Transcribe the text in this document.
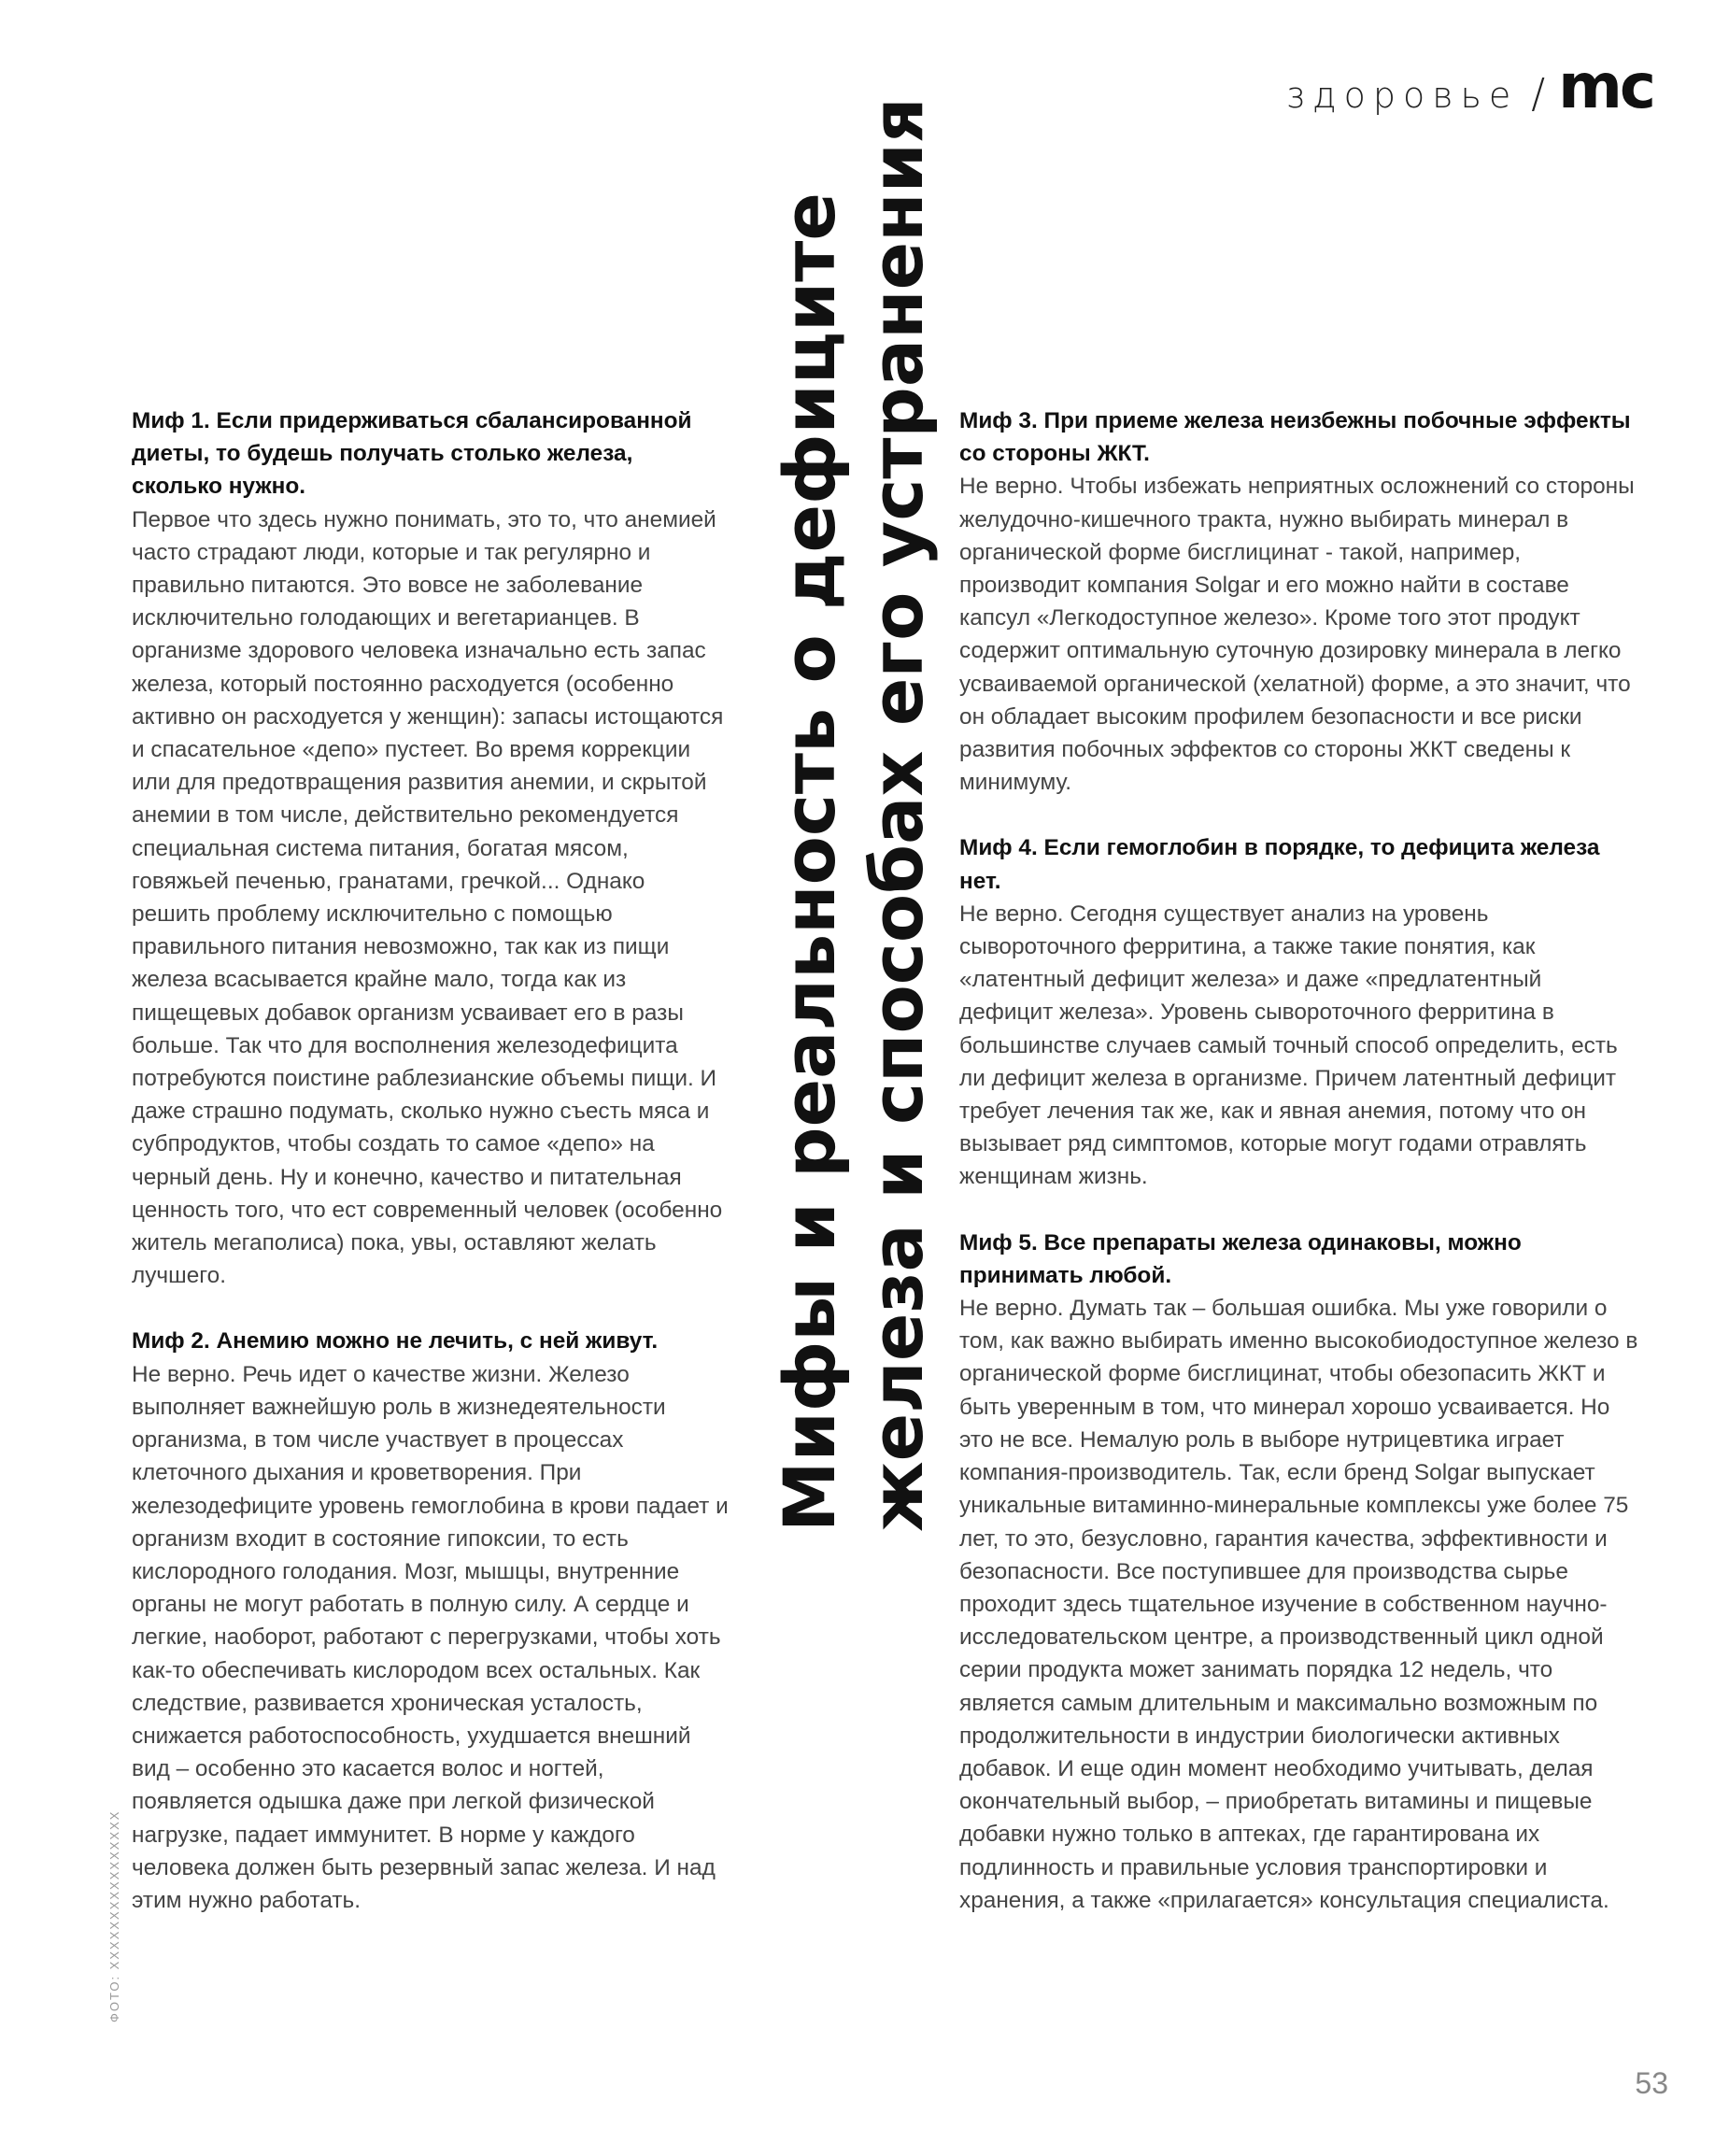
здоровье / mc
Мифы и реальность о дефиците
железа и способах его устранения
Миф 1. Если придерживаться сбалансированной диеты, то будешь получать столько железа, сколько нужно.

Первое что здесь нужно понимать, это то, что анемией часто страдают люди, которые и так регулярно и правильно питаются. Это вовсе не заболевание исключительно голодающих и вегетарианцев. В организме здорового человека изначально есть запас железа, который постоянно расходуется (особенно активно он расходуется у женщин): запасы истощаются и спасательное «депо» пустеет. Во время коррекции или для предотвращения развития анемии, и скрытой анемии в том числе, действительно рекомендуется специальная система питания, богатая мясом, говяжьей печенью, гранатами, гречкой... Однако решить проблему исключительно с помощью правильного питания невозможно, так как из пищи железа всасывается крайне мало, тогда как из пищещевых добавок организм усваивает его в разы больше. Так что для восполнения железодефицита потребуются поистине раблезианские объемы пищи. И даже страшно подумать, сколько нужно съесть мяса и субпродуктов, чтобы создать то самое «депо» на черный день. Ну и конечно, качество и питательная ценность того, что ест современный человек (особенно житель мегаполиса) пока, увы, оставляют желать лучшего.

Миф 2. Анемию можно не лечить, с ней живут.

Не верно. Речь идет о качестве жизни. Железо выполняет важнейшую роль в жизнедеятельности организма, в том числе участвует в процессах клеточного дыхания и кроветворения. При железодефиците уровень гемоглобина в крови падает и организм входит в состояние гипоксии, то есть кислородного голодания. Мозг, мышцы, внутренние органы не могут работать в полную силу. А сердце и легкие, наоборот, работают с перегрузками, чтобы хоть как-то обеспечивать кислородом всех остальных. Как следствие, развивается хроническая усталость, снижается работоспособность, ухудшается внешний вид – особенно это касается волос и ногтей, появляется одышка даже при легкой физической нагрузке, падает иммунитет. В норме у каждого человека должен быть резервный запас железа. И над этим нужно работать.

Миф 3. При приеме железа неизбежны побочные эффекты со стороны ЖКТ.

Не верно. Чтобы избежать неприятных осложнений со стороны желудочно-кишечного тракта, нужно выбирать минерал в органической форме бисглицинат - такой, например, производит компания Solgar и его можно найти в составе капсул «Легкодоступное железо». Кроме того этот продукт содержит оптимальную суточную дозировку минерала в легко усваиваемой органической (хелатной) форме, а это значит, что он обладает высоким профилем безопасности и все риски развития побочных эффектов со стороны ЖКТ сведены к минимуму.

Миф 4. Если гемоглобин в порядке, то дефицита железа нет.

Не верно. Сегодня существует анализ на уровень сывороточного ферритина, а также такие понятия, как «латентный дефицит железа» и даже «предлатентный дефицит железа». Уровень сывороточного ферритина в большинстве случаев самый точный способ определить, есть ли дефицит железа в организме. Причем латентный дефицит требует лечения так же, как и явная анемия, потому что он вызывает ряд симптомов, которые могут годами отравлять женщинам жизнь.

Миф 5. Все препараты железа одинаковы, можно принимать любой.

Не верно. Думать так – большая ошибка. Мы уже говорили о том, как важно выбирать именно высокобиодоступное железо в органической форме бисглицинат, чтобы обезопасить ЖКТ и быть уверенным в том, что минерал хорошо усваивается. Но это не все. Немалую роль в выборе нутрицевтика играет компания-производитель. Так, если бренд Solgar выпускает уникальные витаминно-минеральные комплексы уже более 75 лет, то это, безусловно, гарантия качества, эффективности и безопасности. Все поступившее для производства сырье проходит здесь тщательное изучение в собственном научно-исследовательском центре, а производственный цикл одной серии продукта может занимать порядка 12 недель, что является самым длительным и максимально возможным по продолжительности в индустрии биологически активных добавок. И еще один момент необходимо учитывать, делая окончательный выбор, – приобретать витамины и пищевые добавки нужно только в аптеках, где гарантирована их подлинность и правильные условия транспортировки и хранения, а также «прилагается» консультация специалиста.

ФОТО: XXXXXXXXXXXXXXXX
53
